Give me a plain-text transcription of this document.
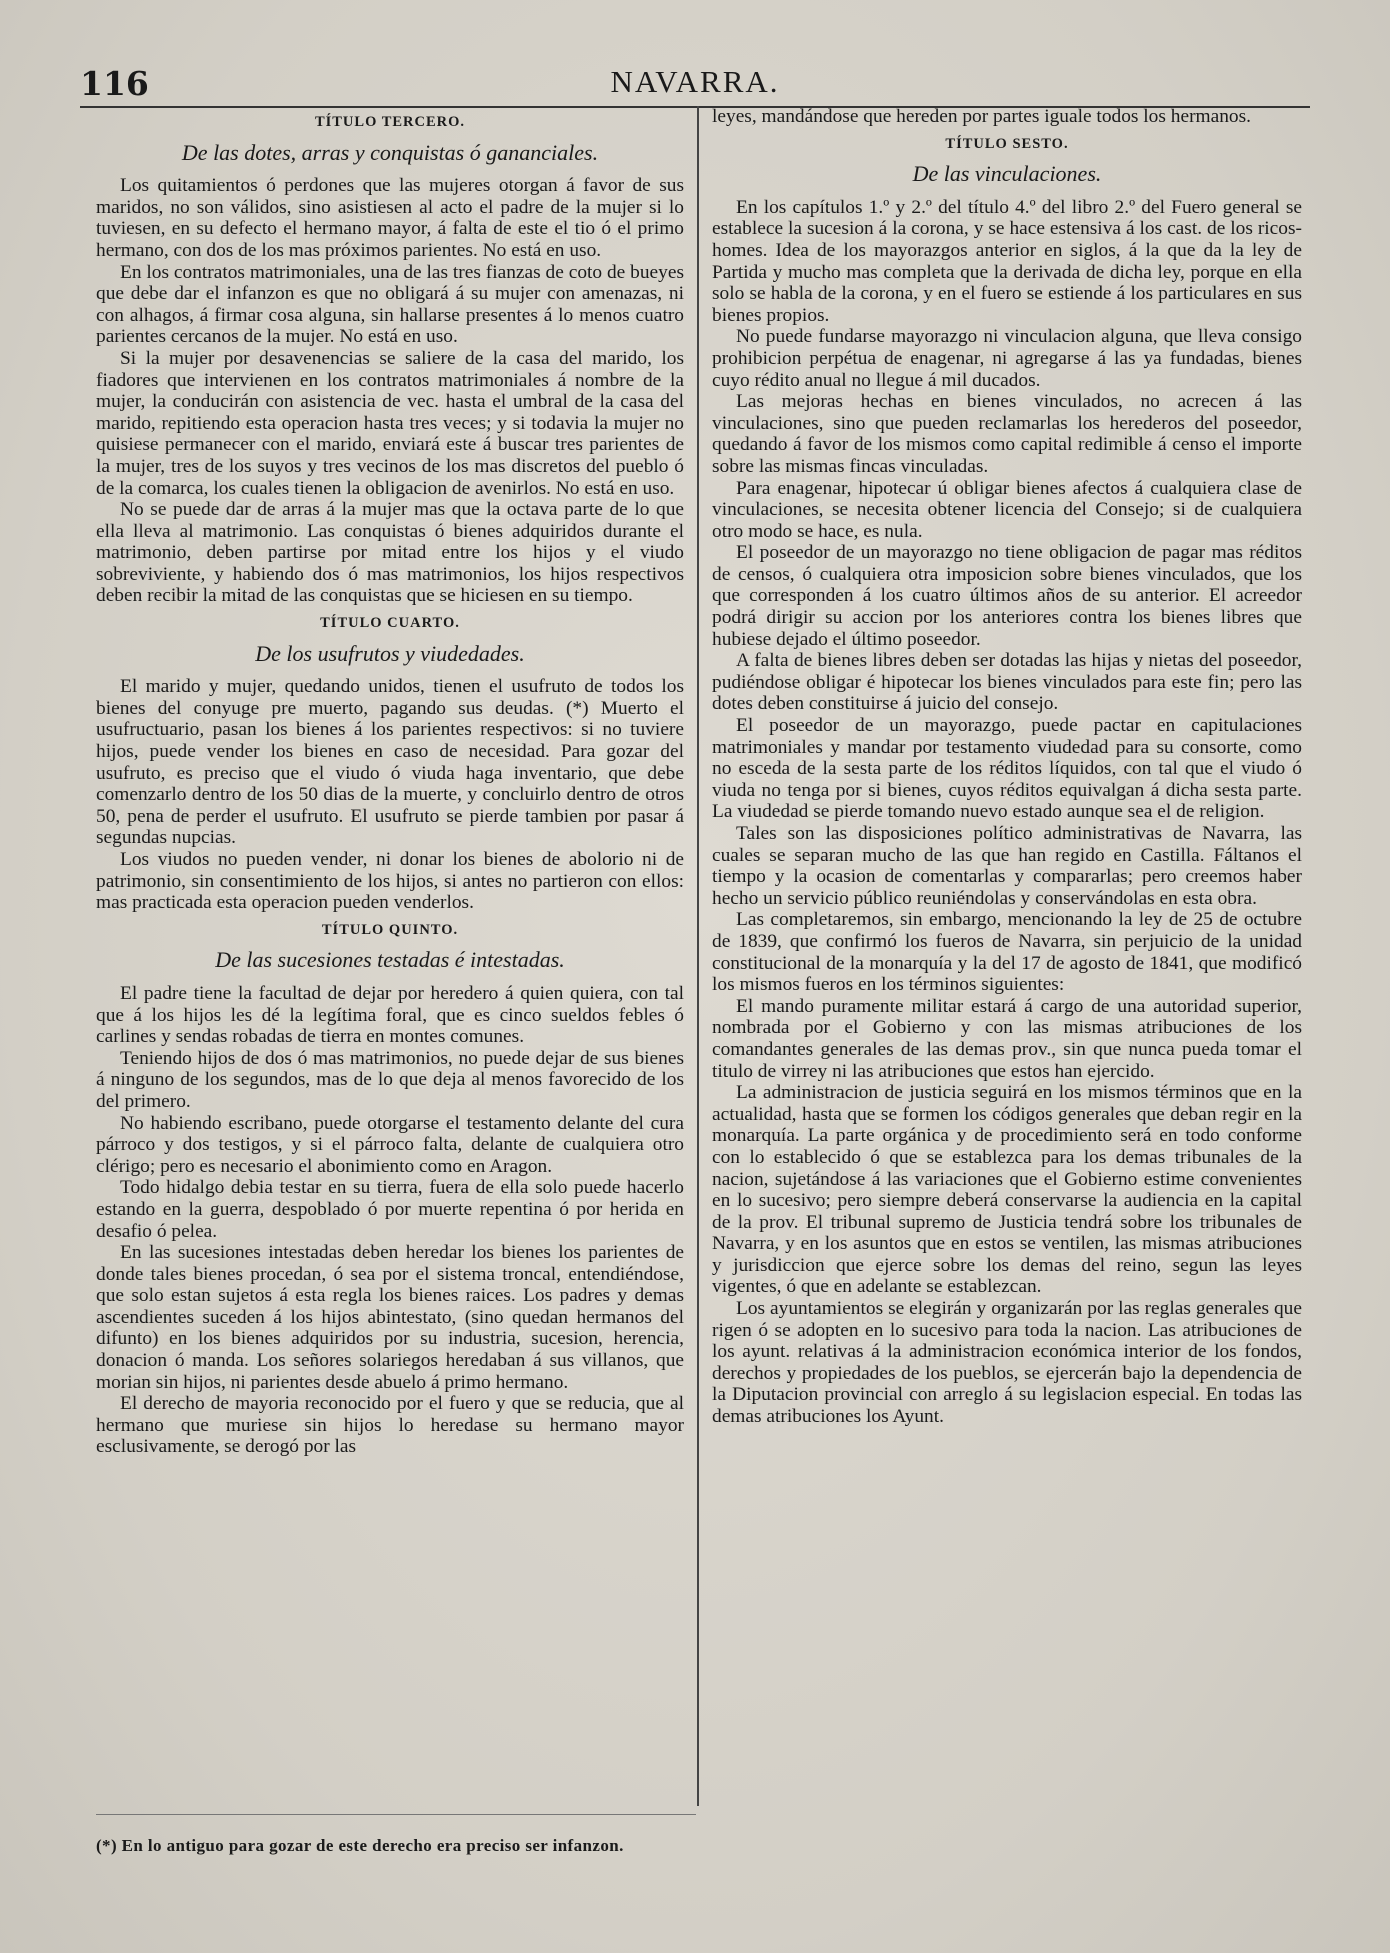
116	NAVARRA.

TÍTULO TERCERO.

De las dotes, arras y conquistas ó gananciales.

Los quitamientos ó perdones que las mujeres otorgan á favor de sus maridos, no son válidos, sino asistiesen al acto el padre de la mujer si lo tuviesen, en su defecto el hermano mayor, á falta de este el tio ó el primo hermano, con dos de los mas próximos parientes. No está en uso.

En los contratos matrimoniales, una de las tres fianzas de coto de bueyes que debe dar el infanzon es que no obligará á su mujer con amenazas, ni con alhagos, á firmar cosa alguna, sin hallarse presentes á lo menos cuatro parientes cercanos de la mujer. No está en uso.

Si la mujer por desavenencias se saliere de la casa del marido, los fiadores que intervienen en los contratos matrimoniales á nombre de la mujer, la conducirán con asistencia de vec. hasta el umbral de la casa del marido, repitiendo esta operacion hasta tres veces; y si todavia la mujer no quisiese permanecer con el marido, enviará este á buscar tres parientes de la mujer, tres de los suyos y tres vecinos de los mas discretos del pueblo ó de la comarca, los cuales tienen la obligacion de avenirlos. No está en uso.

No se puede dar de arras á la mujer mas que la octava parte de lo que ella lleva al matrimonio. Las conquistas ó bienes adquiridos durante el matrimonio, deben partirse por mitad entre los hijos y el viudo sobreviviente, y habiendo dos ó mas matrimonios, los hijos respectivos deben recibir la mitad de las conquistas que se hiciesen en su tiempo.

TÍTULO CUARTO.

De los usufrutos y viudedades.

El marido y mujer, quedando unidos, tienen el usufruto de todos los bienes del conyuge pre muerto, pagando sus deudas. (*) Muerto el usufructuario, pasan los bienes á los parientes respectivos: si no tuviere hijos, puede vender los bienes en caso de necesidad. Para gozar del usufruto, es preciso que el viudo ó viuda haga inventario, que debe comenzarlo dentro de los 50 dias de la muerte, y concluirlo dentro de otros 50, pena de perder el usufruto. El usufruto se pierde tambien por pasar á segundas nupcias.

Los viudos no pueden vender, ni donar los bienes de abolorio ni de patrimonio, sin consentimiento de los hijos, si antes no partieron con ellos: mas practicada esta operacion pueden venderlos.

TÍTULO QUINTO.

De las sucesiones testadas é intestadas.

El padre tiene la facultad de dejar por heredero á quien quiera, con tal que á los hijos les dé la legítima foral, que es cinco sueldos febles ó carlines y sendas robadas de tierra en montes comunes.

Teniendo hijos de dos ó mas matrimonios, no puede dejar de sus bienes á ninguno de los segundos, mas de lo que deja al menos favorecido de los del primero.

No habiendo escribano, puede otorgarse el testamento delante del cura párroco y dos testigos, y si el párroco falta, delante de cualquiera otro clérigo; pero es necesario el abonimiento como en Aragon.

Todo hidalgo debia testar en su tierra, fuera de ella solo puede hacerlo estando en la guerra, despoblado ó por muerte repentina ó por herida en desafio ó pelea.

En las sucesiones intestadas deben heredar los bienes los parientes de donde tales bienes procedan, ó sea por el sistema troncal, entendiéndose, que solo estan sujetos á esta regla los bienes raices. Los padres y demas ascendientes suceden á los hijos abintestato, (sino quedan hermanos del difunto) en los bienes adquiridos por su industria, sucesion, herencia, donacion ó manda. Los señores solariegos heredaban á sus villanos, que morian sin hijos, ni parientes desde abuelo á primo hermano.

El derecho de mayoria reconocido por el fuero y que se reducia, que al hermano que muriese sin hijos lo heredase su hermano mayor esclusivamente, se derogó por las

leyes, mandándose que hereden por partes iguale todos los hermanos.

TÍTULO SESTO.

De las vinculaciones.

En los capítulos 1.º y 2.º del título 4.º del libro 2.º del Fuero general se establece la sucesion á la corona, y se hace estensiva á los cast. de los ricos-homes. Idea de los mayorazgos anterior en siglos, á la que da la ley de Partida y mucho mas completa que la derivada de dicha ley, porque en ella solo se habla de la corona, y en el fuero se estiende á los particulares en sus bienes propios.

No puede fundarse mayorazgo ni vinculacion alguna, que lleva consigo prohibicion perpétua de enagenar, ni agregarse á las ya fundadas, bienes cuyo rédito anual no llegue á mil ducados.

Las mejoras hechas en bienes vinculados, no acrecen á las vinculaciones, sino que pueden reclamarlas los herederos del poseedor, quedando á favor de los mismos como capital redimible á censo el importe sobre las mismas fincas vinculadas.

Para enagenar, hipotecar ú obligar bienes afectos á cualquiera clase de vinculaciones, se necesita obtener licencia del Consejo; si de cualquiera otro modo se hace, es nula.

El poseedor de un mayorazgo no tiene obligacion de pagar mas réditos de censos, ó cualquiera otra imposicion sobre bienes vinculados, que los que corresponden á los cuatro últimos años de su anterior. El acreedor podrá dirigir su accion por los anteriores contra los bienes libres que hubiese dejado el último poseedor.

A falta de bienes libres deben ser dotadas las hijas y nietas del poseedor, pudiéndose obligar é hipotecar los bienes vinculados para este fin; pero las dotes deben constituirse á juicio del consejo.

El poseedor de un mayorazgo, puede pactar en capitulaciones matrimoniales y mandar por testamento viudedad para su consorte, como no esceda de la sesta parte de los réditos líquidos, con tal que el viudo ó viuda no tenga por si bienes, cuyos réditos equivalgan á dicha sesta parte. La viudedad se pierde tomando nuevo estado aunque sea el de religion.

Tales son las disposiciones político administrativas de Navarra, las cuales se separan mucho de las que han regido en Castilla. Fáltanos el tiempo y la ocasion de comentarlas y compararlas; pero creemos haber hecho un servicio público reuniéndolas y conservándolas en esta obra.

Las completaremos, sin embargo, mencionando la ley de 25 de octubre de 1839, que confirmó los fueros de Navarra, sin perjuicio de la unidad constitucional de la monarquía y la del 17 de agosto de 1841, que modificó los mismos fueros en los términos siguientes:

El mando puramente militar estará á cargo de una autoridad superior, nombrada por el Gobierno y con las mismas atribuciones de los comandantes generales de las demas prov., sin que nunca pueda tomar el titulo de virrey ni las atribuciones que estos han ejercido.

La administracion de justicia seguirá en los mismos términos que en la actualidad, hasta que se formen los códigos generales que deban regir en la monarquía. La parte orgánica y de procedimiento será en todo conforme con lo establecido ó que se establezca para los demas tribunales de la nacion, sujetándose á las variaciones que el Gobierno estime convenientes en lo sucesivo; pero siempre deberá conservarse la audiencia en la capital de la prov. El tribunal supremo de Justicia tendrá sobre los tribunales de Navarra, y en los asuntos que en estos se ventilen, las mismas atribuciones y jurisdiccion que ejerce sobre los demas del reino, segun las leyes vigentes, ó que en adelante se establezcan.

Los ayuntamientos se elegirán y organizarán por las reglas generales que rigen ó se adopten en lo sucesivo para toda la nacion. Las atribuciones de los ayunt. relativas á la administracion económica interior de los fondos, derechos y propiedades de los pueblos, se ejercerán bajo la dependencia de la Diputacion provincial con arreglo á su legislacion especial. En todas las demas atribuciones los Ayunt.

(*) En lo antiguo para gozar de este derecho era preciso ser infanzon.
